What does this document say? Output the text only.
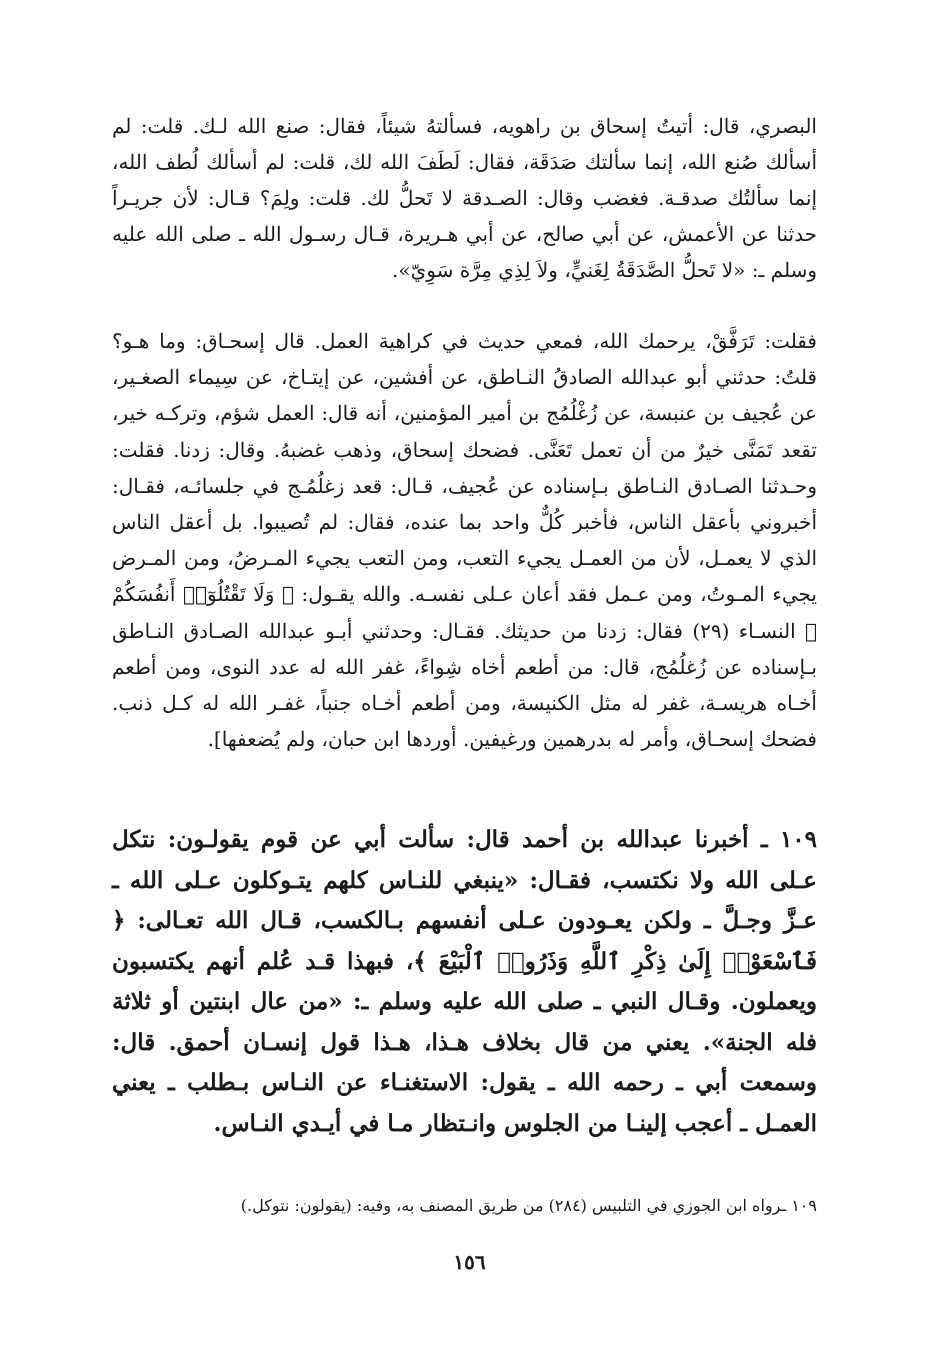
البصري، قال: أتيتُ إسحاق بن راهويه، فسألتهُ شيئاً، فقال: صنع الله لـك. قلت: لم أسألك صُنع الله، إنما سألتك صَدَقَة، فقال: لَطَفَ الله لك، قلت: لم أسألك لُطف الله، إنما سألتُك صدقـة. فغضب وقال: الصـدقة لا تَحلُّ لك. قلت: ولِمَ؟ قـال: لأن جريـراً حدثنا عن الأعمش، عن أبي صالح، عن أبي هـريرة، قـال رسـول الله ـ صلى الله عليه وسلم ـ: «لا تَحلُّ الصَّدَقَةُ لِغَنيٍّ، ولاَ لِذِي مِرَّة سَوِيّ».

فقلت: تَرَفَّقْ، يرحمك الله، فمعي حديث في كراهية العمل. قال إسحـاق: وما هـو؟ قلتُ: حدثني أبو عبدالله الصادقُ النـاطق، عن أفشين، عن إيتـاخ، عن سِيماء الصغـير، عن عُجيف بن عنبسة، عن زُغْلُمُج بن أمير المؤمنين، أنه قال: العمل شؤم، وتركـه خير، تقعد تَمَنَّى خيرٌ من أن تعمل تَعَنَّى. فضحك إسحاق، وذهب غضبهُ. وقال: زدنا. فقلت: وحـدثنا الصـادق النـاطق بـإسناده عن عُجيف، قـال: قعد زغلُمُـج في جلسائـه، فقـال: أخبروني بأعقل الناس، فأخبر كُلٌّ واحد بما عنده، فقال: لم تُصيبوا. بل أعقل الناس الذي لا يعمـل، لأن من العمـل يجيء التعب، ومن التعب يجيء المـرضُ، ومن المـرض يجيء المـوتُ، ومن عـمل فقد أعان عـلى نفسـه. والله يقـول: ﴿ وَلَا تَقْتُلُوٓا۟ أَنفُسَكُمْ ﴾ النسـاء (٢٩) فقال: زدنا من حديثك. فقـال: وحدثني أبـو عبدالله الصـادق النـاطق بـإسناده عن زُغلُمُج، قال: من أطعم أخاه شِواءً، غفر الله له عدد النوى، ومن أطعم أخـاه هريسـة، غفر له مثل الكنيسة، ومن أطعم أخـاه جنباً، غفـر الله له كـل ذنب. فضحك إسحـاق، وأمر له بدرهمين ورغيفين. أوردها ابن حبان، ولم يُضعفها].

١٠٩ ـ أخبرنا عبدالله بن أحمد قال: سألت أبي عن قوم يقولـون: نتكل عـلى الله ولا نكتسب، فقـال: «ينبغي للنـاس كلهم يتـوكلون عـلى الله ـ عـزَّ وجـلَّ ـ ولكن يعـودون عـلى أنفسهم بـالكسب، قـال الله تعـالى: ﴿ فَٱسْعَوْا۟ إِلَىٰ ذِكْرِ ٱللَّهِ وَذَرُوا۟ ٱلْبَيْعَ ﴾، فبهذا قـد عُلم أنهم يكتسبون ويعملون. وقـال النبي ـ صلى الله عليه وسلم ـ: «من عال ابنتين أو ثلاثة فله الجنة». يعني من قال بخلاف هـذا، هـذا قول إنسـان أحمق. قال: وسمعت أبي ـ رحمه الله ـ يقول: الاستغنـاء عن النـاس بـطلب ـ يعني العمـل ـ أعجب إلينـا من الجلوس وانـتظار مـا في أيـدي النـاس.

١٠٩ ـرواه ابن الجوزي في التلبيس (٢٨٤) من طريق المصنف به، وفيه: (يقولون: نتوكل.)
١٥٦
